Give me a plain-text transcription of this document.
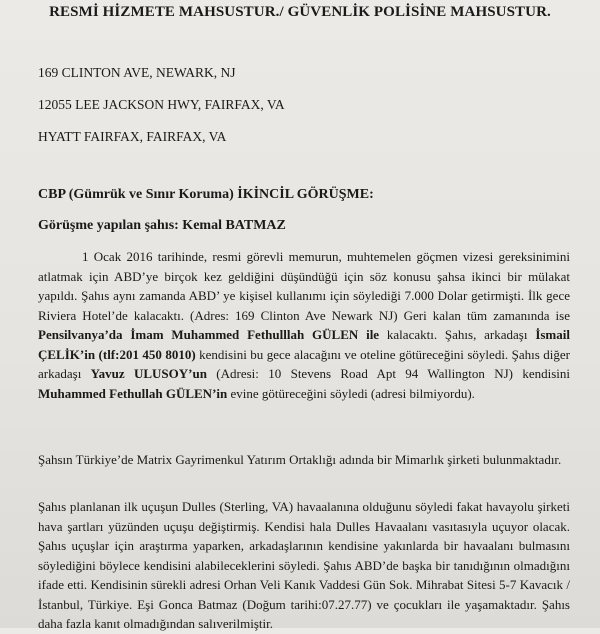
RESMİ HİZMETE MAHSUSTUR./ GÜVENLİK POLİSİNE MAHSUSTUR.
169 CLINTON AVE, NEWARK, NJ
12055 LEE JACKSON HWY, FAIRFAX, VA
HYATT FAIRFAX, FAIRFAX, VA
CBP (Gümrük ve Sınır Koruma) İKİNCİL GÖRÜŞME:
Görüşme yapılan şahıs: Kemal BATMAZ
1 Ocak 2016 tarihinde, resmi görevli memurun, muhtemelen göçmen vizesi gereksinimini atlatmak için ABD’ye birçok kez geldiğini düşündüğü için söz konusu şahsa ikinci bir mülakat yapıldı. Şahıs aynı zamanda ABD’ ye kişisel kullanımı için söylediği 7.000 Dolar getirmişti. İlk gece Riviera Hotel’de kalacaktı. (Adres: 169 Clinton Ave Newark NJ) Geri kalan tüm zamanında ise Pensilvanya’da İmam Muhammed Fethulllah GÜLEN ile kalacaktı. Şahıs, arkadaşı İsmail ÇELİK’in (tlf:201 450 8010) kendisini bu gece alacağını ve oteline götüreceğini söyledi. Şahıs diğer arkadaşı Yavuz ULUSOY’un (Adresi: 10 Stevens Road Apt 94 Wallington NJ) kendisini Muhammed Fethullah GÜLEN’in evine götüreceğini söyledi (adresi bilmiyordu).
Şahsın Türkiye’de Matrix Gayrimenkul Yatırım Ortaklığı adında bir Mimarlık şirketi bulunmaktadır.
Şahıs planlanan ilk uçuşun Dulles (Sterling, VA) havaalanına olduğunu söyledi fakat havayolu şirketi hava şartları yüzünden uçuşu değiştirmiş. Kendisi hala Dulles Havaalanı vasıtasıyla uçuyor olacak. Şahıs uçuşlar için araştırma yaparken, arkadaşlarının kendisine yakınlarda bir havaalanı bulmasını söylediğini böylece kendisini alabileceklerini söyledi. Şahıs ABD’de başka bir tanıdığının olmadığını ifade etti. Kendisinin sürekli adresi Orhan Veli Kanık Vaddesi Gün Sok. Mihrabat Sitesi 5-7 Kavacık / İstanbul, Türkiye. Eşi Gonca Batmaz (Doğum tarihi:07.27.77) ve çocukları ile yaşamaktadır. Şahıs daha fazla kanıt olmadığından salıverilmiştir.
